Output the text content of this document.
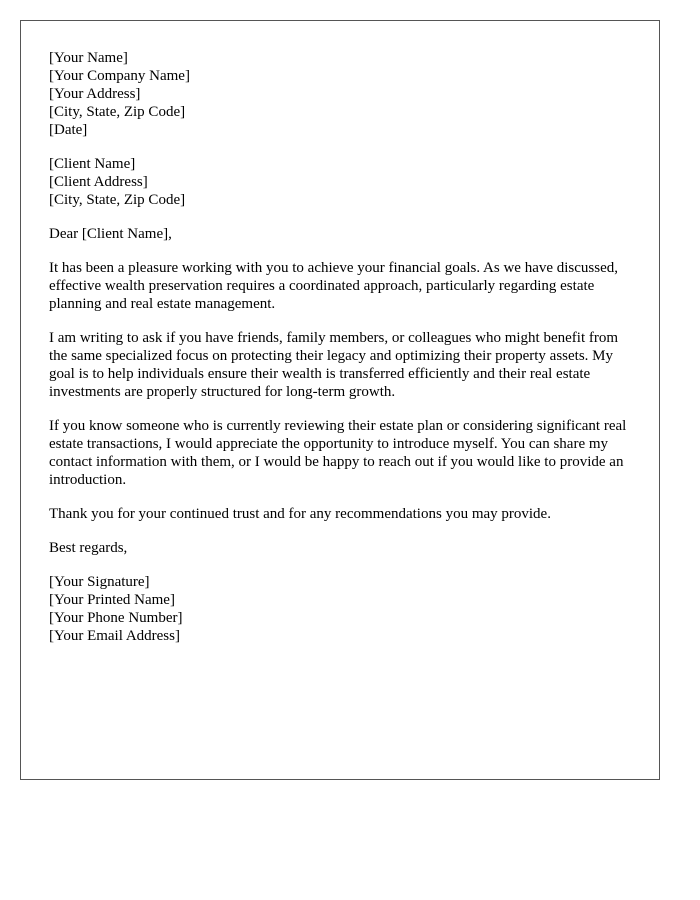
[Your Name]
[Your Company Name]
[Your Address]
[City, State, Zip Code]
[Date]
[Client Name]
[Client Address]
[City, State, Zip Code]

Dear [Client Name],

It has been a pleasure working with you to achieve your financial goals. As we have discussed, effective wealth preservation requires a coordinated approach, particularly regarding estate planning and real estate management.

I am writing to ask if you have friends, family members, or colleagues who might benefit from the same specialized focus on protecting their legacy and optimizing their property assets. My goal is to help individuals ensure their wealth is transferred efficiently and their real estate investments are properly structured for long-term growth.

If you know someone who is currently reviewing their estate plan or considering significant real estate transactions, I would appreciate the opportunity to introduce myself. You can share my contact information with them, or I would be happy to reach out if you would like to provide an introduction.

Thank you for your continued trust and for any recommendations you may provide.

Best regards,

[Your Signature]
[Your Printed Name]
[Your Phone Number]
[Your Email Address]
